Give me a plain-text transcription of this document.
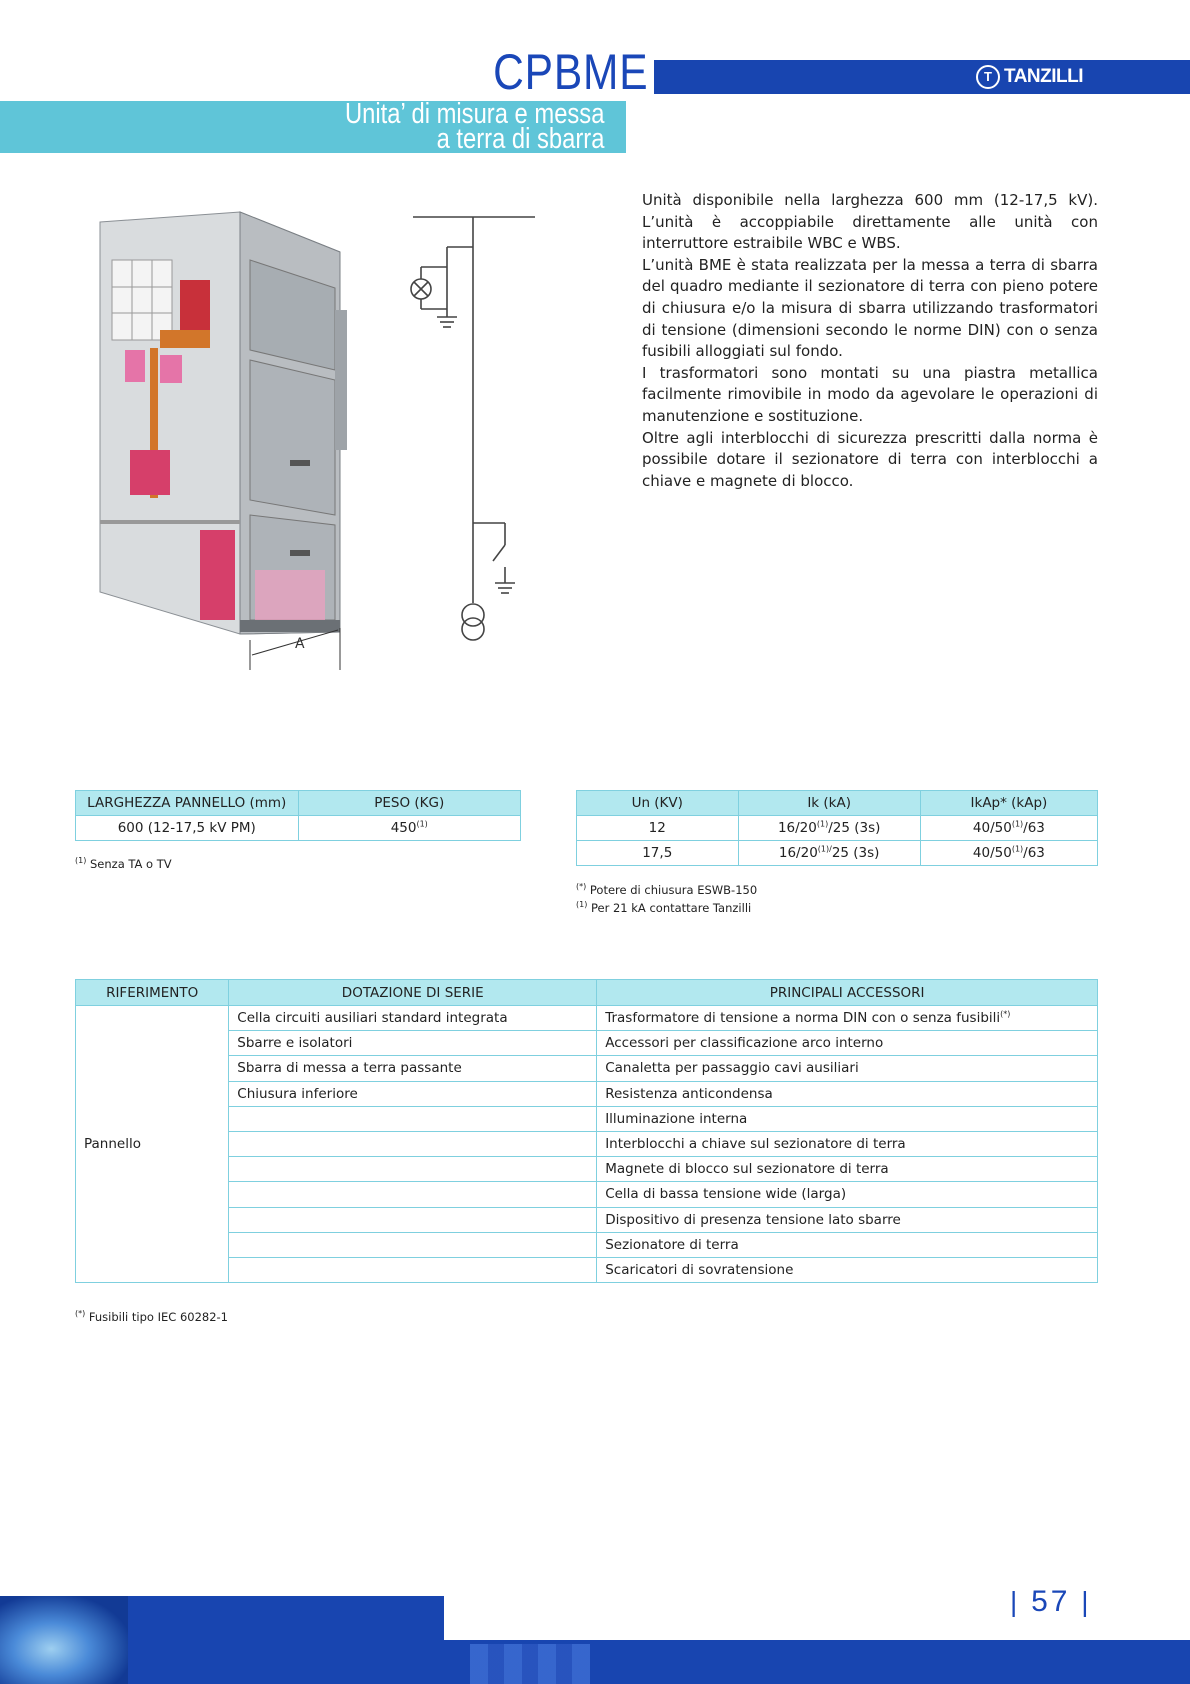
CPBME	T TANZILLI
Unita’ di misura e messa
a terra di sbarra
A

Unità disponibile nella larghezza 600 mm (12-17,5 kV). L’unità è accoppiabile direttamente alle unità con interruttore estraibile WBC e WBS.

L’unità BME è stata realizzata per la messa a terra di sbarra del quadro mediante il sezionatore di terra con pieno potere di chiusura e/o la misura di sbarra utilizzando trasformatori di tensione (dimensioni secondo le norme DIN) con o senza fusibili alloggiati sul fondo.

I trasformatori sono montati su una piastra metallica facilmente rimovibile in modo da agevolare le operazioni di manutenzione e sostituzione.

Oltre agli interblocchi di sicurezza prescritti dalla norma è possibile dotare il sezionatore di terra con interblocchi a chiave e magnete di blocco.

LARGHEZZA PANNELLO (mm)	PESO (KG)
600 (12-17,5 kV PM)	450$^{(1)}$
$^{(1)}$ Senza TA o TV
Un (KV)	Ik (kA)	IkAp* (kAp)
12	16/20$^{(1)}$/25 (3s)	40/50$^{(1)}$/63
17,5	$16/20^{(1)/}25$ (3s)	40/50$^{(1)}$/63
(*) Potere di chiusura ESWB-150
$^{(1)}$ Per 21 kA contattare Tanzilli
RIFERIMENTO	DOTAZIONE DI SERIE	PRINCIPALI ACCESSORI
Pannello	Cella circuiti ausiliari standard integrata	Trasformatore di tensione a norma DIN con o senza fusibili(*)
	Sbarre e isolatori	Accessori per classificazione arco interno
	Sbarra di messa a terra passante	Canaletta per passaggio cavi ausiliari
	Chiusura inferiore	Resistenza anticondensa
		Illuminazione interna
		Interblocchi a chiave sul sezionatore di terra
		Magnete di blocco sul sezionatore di terra
		Cella di bassa tensione wide (larga)
		Dispositivo di presenza tensione lato sbarre
		Sezionatore di terra
		Scaricatori di sovratensione
(*) Fusibili tipo IEC 60282-1
| 57 |
